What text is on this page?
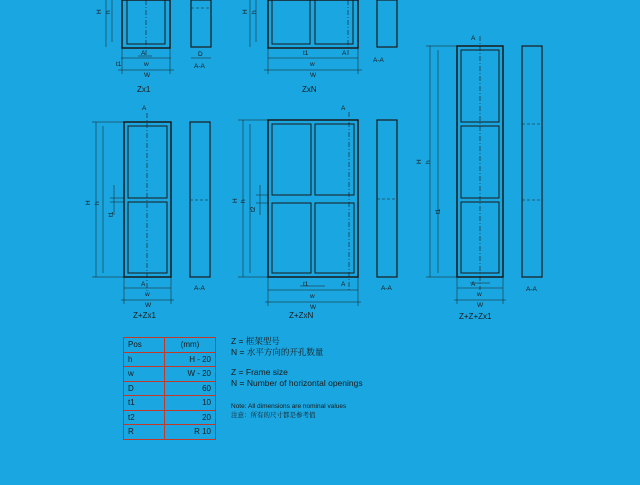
H h
A
t1	w
W
D
A-A
Zx1
H h
A
t1
w
W
A-A
ZxN
A
H h
t1
A
w
W
A-A
Z+Z+Zx1
A
H h
t1
A
w
W
A-A
Z+Zx1
A
H h
t2
t1	A
w
W
A-A
Z+ZxN
Pos	(mm)
h	H - 20
w	W - 20
D	60
t1	10
t2	20
R	R 10
Z = 框架型号
N = 水平方向的开孔数量
Z = Frame size
N = Number of horizontal openings
Note: All dimensions are nominal values
注意：所有的尺寸都是参考值
